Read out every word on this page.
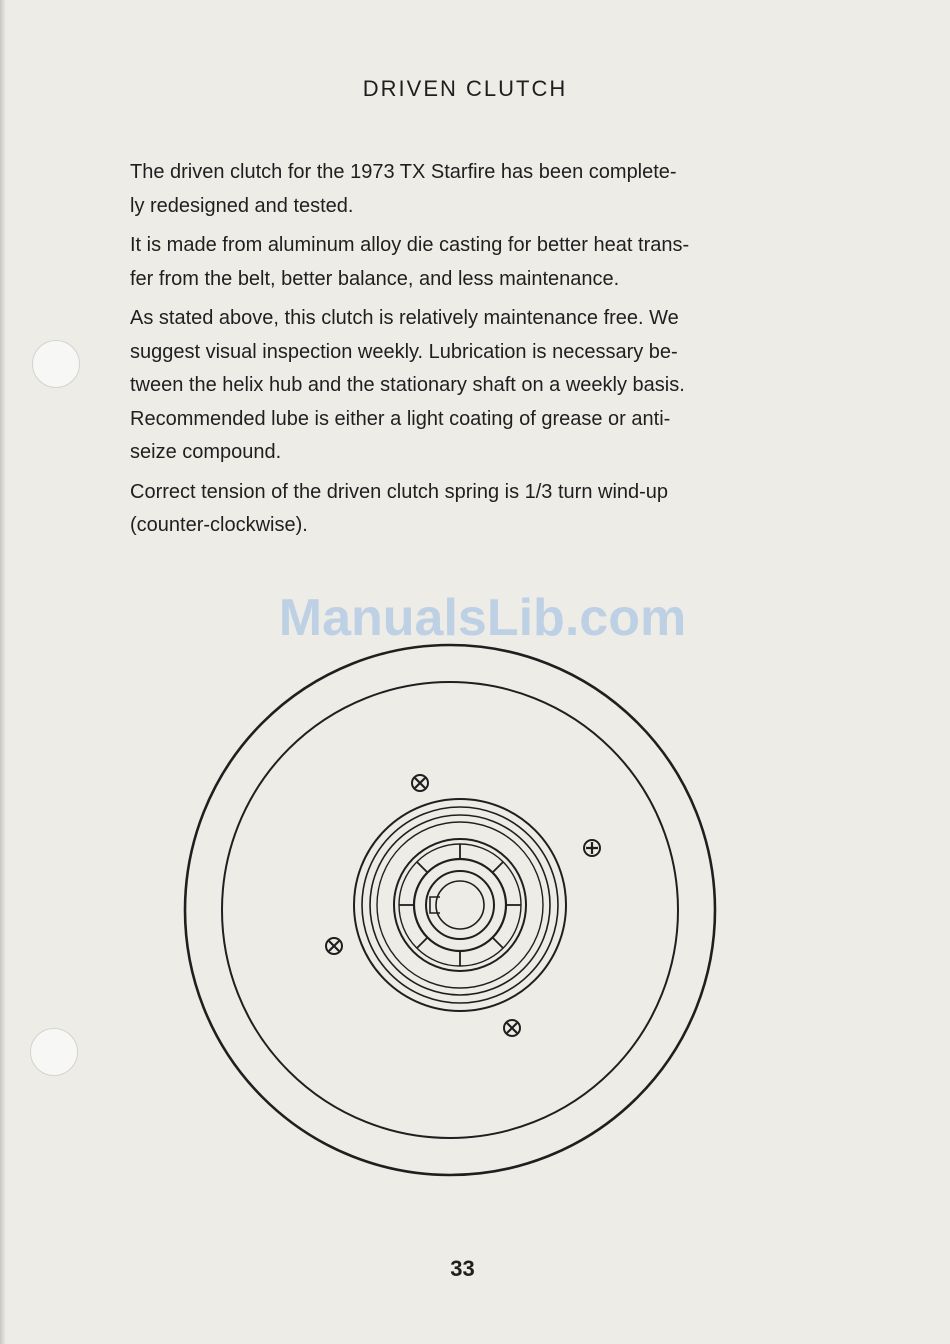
DRIVEN CLUTCH

The driven clutch for the 1973 TX Starfire has been complete-
ly redesigned and tested.

It is made from aluminum alloy die casting for better heat trans-
fer from the belt, better balance, and less maintenance.

As stated above, this clutch is relatively maintenance free. We
suggest visual inspection weekly. Lubrication is necessary be-
tween the helix hub and the stationary shaft on a weekly basis.
Recommended lube is either a light coating of grease or anti-
seize compound.

Correct tension of the driven clutch spring is 1/3 turn wind-up
(counter-clockwise).

ManualsLib.com
33
